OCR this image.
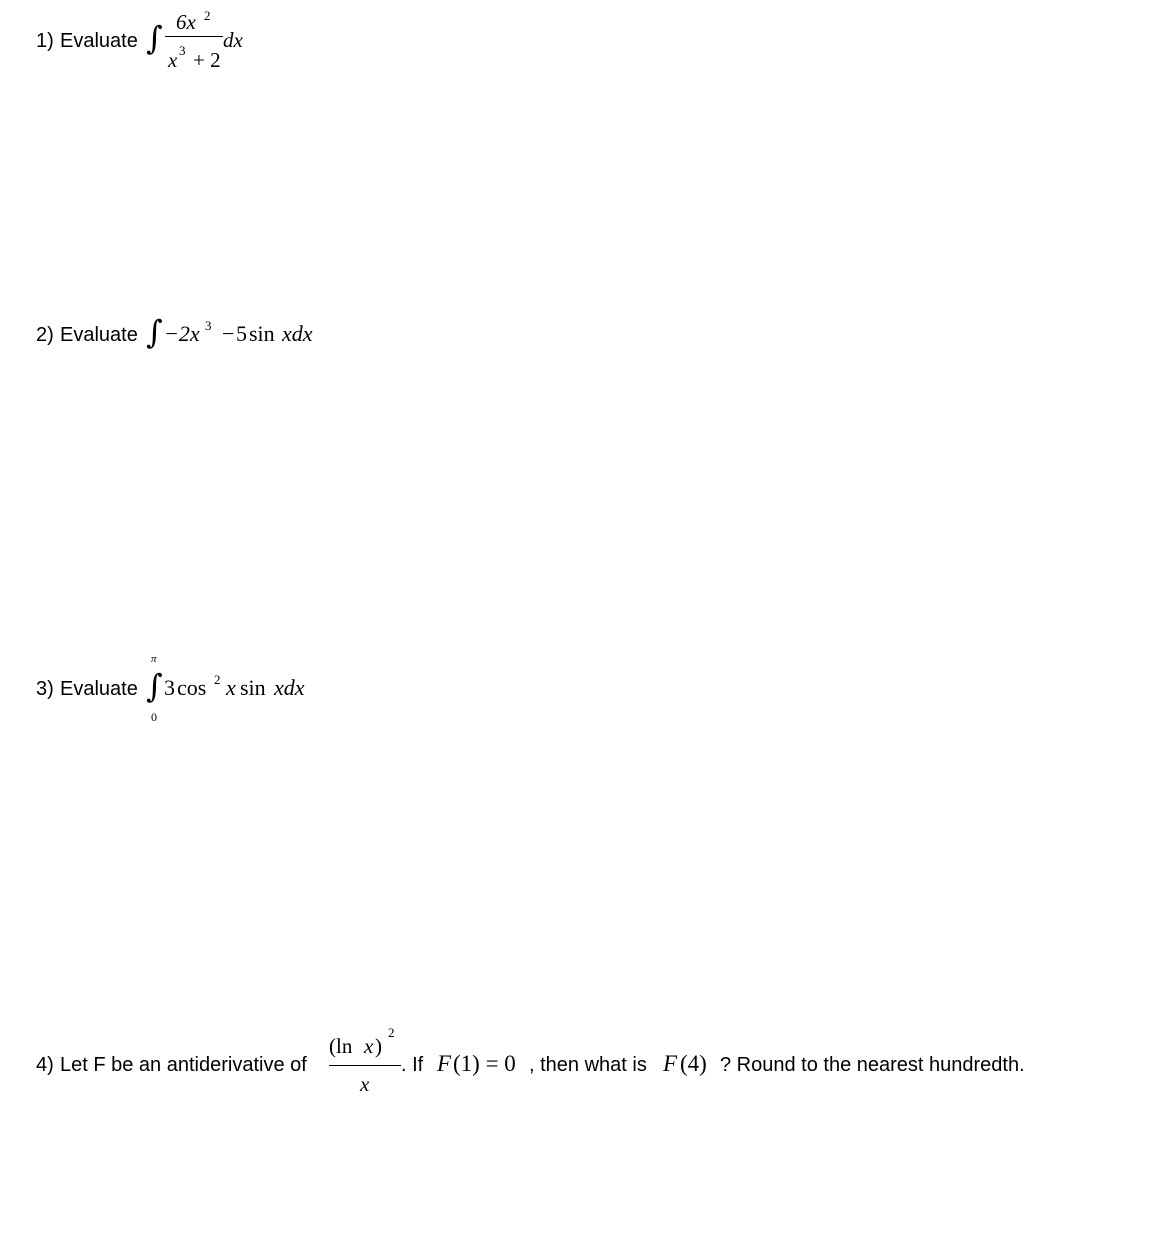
1) Evaluate ∫ 6x 2
dx
x 3 + 2
2) Evaluate ∫ −2x 3 − 5 sin xdx
3) Evaluate
π
∫
0
3 cos 2 x sin xdx
4) Let F be an antiderivative of
(ln x )
2
x
. If F (1) = 0 , then what is F (4) ? Round to the nearest hundredth.
